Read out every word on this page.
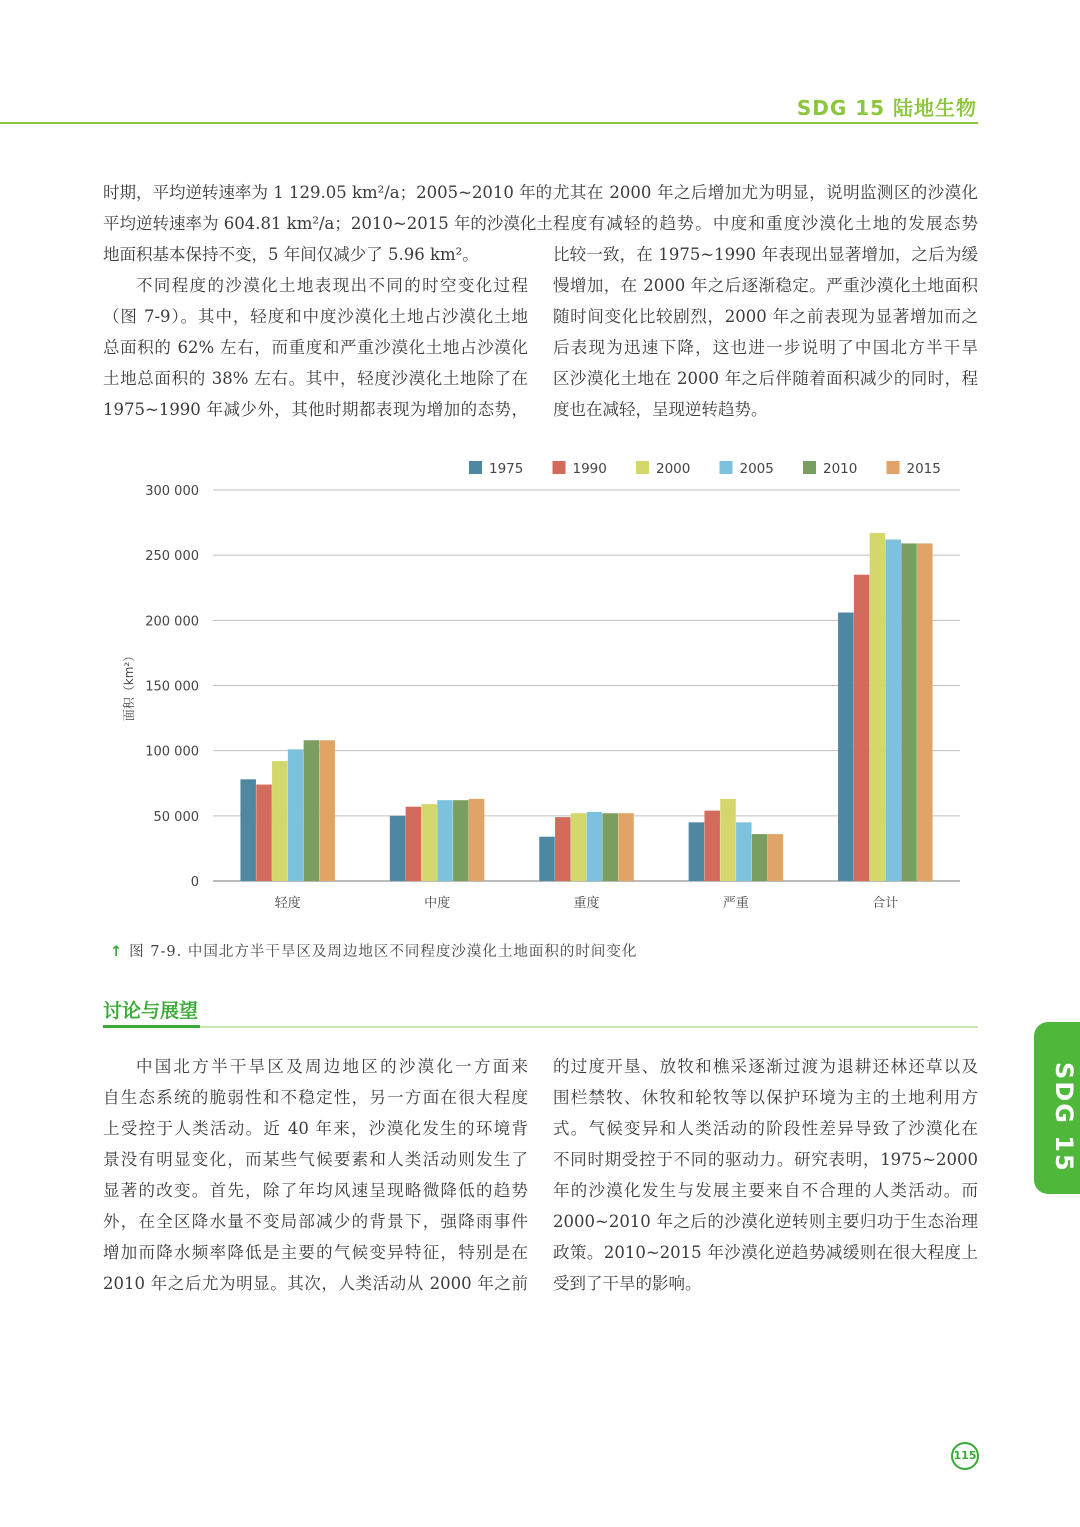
SDG 15 陆地生物
时期，平均逆转速率为 1 129.05 km²/a；2005~2010 年的
平均逆转速率为 604.81 km²/a；2010~2015 年的沙漠化土
地面积基本保持不变，5 年间仅减少了 5.96 km²。
不同程度的沙漠化土地表现出不同的时空变化过程
（图 7-9）。其中，轻度和中度沙漠化土地占沙漠化土地
总面积的 62% 左右，而重度和严重沙漠化土地占沙漠化
土地总面积的 38% 左右。其中，轻度沙漠化土地除了在
1975~1990 年减少外，其他时期都表现为增加的态势，
尤其在 2000 年之后增加尤为明显，说明监测区的沙漠化
程度有减轻的趋势。中度和重度沙漠化土地的发展态势
比较一致，在 1975~1990 年表现出显著增加，之后为缓
慢增加，在 2000 年之后逐渐稳定。严重沙漠化土地面积
随时间变化比较剧烈，2000 年之前表现为显著增加而之
后表现为迅速下降，这也进一步说明了中国北方半干旱
区沙漠化土地在 2000 年之后伴随着面积减少的同时，程
度也在减轻，呈现逆转趋势。
0
50 000
100 000
150 000
200 000
250 000
300 000
面积（km²）
轻度	中度	重度	严重	合计
1975	1990	2000	2005	2010	2015
↑ 图 7-9. 中国北方半干旱区及周边地区不同程度沙漠化土地面积的时间变化
讨论与展望
中国北方半干旱区及周边地区的沙漠化一方面来
自生态系统的脆弱性和不稳定性，另一方面在很大程度
上受控于人类活动。近 40 年来，沙漠化发生的环境背
景没有明显变化，而某些气候要素和人类活动则发生了
显著的改变。首先，除了年均风速呈现略微降低的趋势
外，在全区降水量不变局部减少的背景下，强降雨事件
增加而降水频率降低是主要的气候变异特征，特别是在
2010 年之后尤为明显。其次，人类活动从 2000 年之前
的过度开垦、放牧和樵采逐渐过渡为退耕还林还草以及
围栏禁牧、休牧和轮牧等以保护环境为主的土地利用方
式。气候变异和人类活动的阶段性差异导致了沙漠化在
不同时期受控于不同的驱动力。研究表明，1975~2000
年的沙漠化发生与发展主要来自不合理的人类活动。而
2000~2010 年之后的沙漠化逆转则主要归功于生态治理
政策。2010~2015 年沙漠化逆趋势减缓则在很大程度上
受到了干旱的影响。
SDG 15
115
